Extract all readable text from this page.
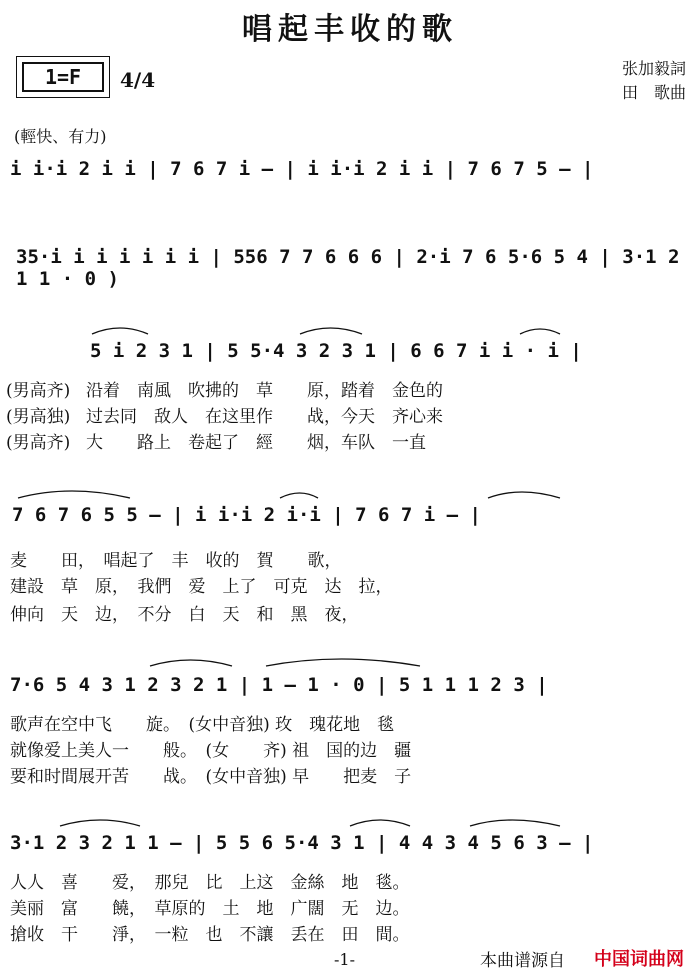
唱起丰收的歌
1=F	4/4	张加毅詞
田　歌曲
(輕快、有力)
i i·i 2 i i | 7 6 7 i — | i i·i 2 i i | 7 6 7 5 — |
35·i i i i i i i | 556 7 7 6 6 6 | 2·i 7 6 5·6 5 4 | 3·1 2 1 1 · 0 )
5 i 2 3 1 | 5 5·4 3 2 3 1 | 6 6 7 i i · i |
(男高齐) 沿着　南風　吹拂的　草　　原，踏着　金色的
(男高独) 过去同　敌人　在这里作　　战，今天　齐心来
(男高齐) 大　　路上　卷起了　經　　烟，车队　一直
7 6 7 6 5 5 — | i i·i 2 i·i | 7 6 7 i — |
麦　　田，　唱起了　丰　收的　賀　　歌，
建設　草　原，　我們　爱　上了　可克　达　拉，
伸向　天　边，　不分　白　天　和　黑　夜，
7·6 5 4 3 1 2 3 2 1 | 1 — 1 · 0 | 5 1 1 1 2 3 |
歌声在空中飞　　旋。　(女中音独) 玫　瑰花地　毯
就像爱上美人一　　般。　(女　　齐) 祖　国的边　疆
要和时間展开苦　　战。　(女中音独) 早　　把麦　子
3·1 2 3 2 1 1 — | 5 5 6 5·4 3 1 | 4 4 3 4 5 6 3 — |
人人　喜　　爱，　那兒　比　上这　金絲　地　毯。
美丽　富　　饒，　草原的　土　地　广闊　无　边。
搶收　干　　淨，　一粒　也　不讓　丢在　田　間。
-1-	本曲谱源自 中国词曲网
